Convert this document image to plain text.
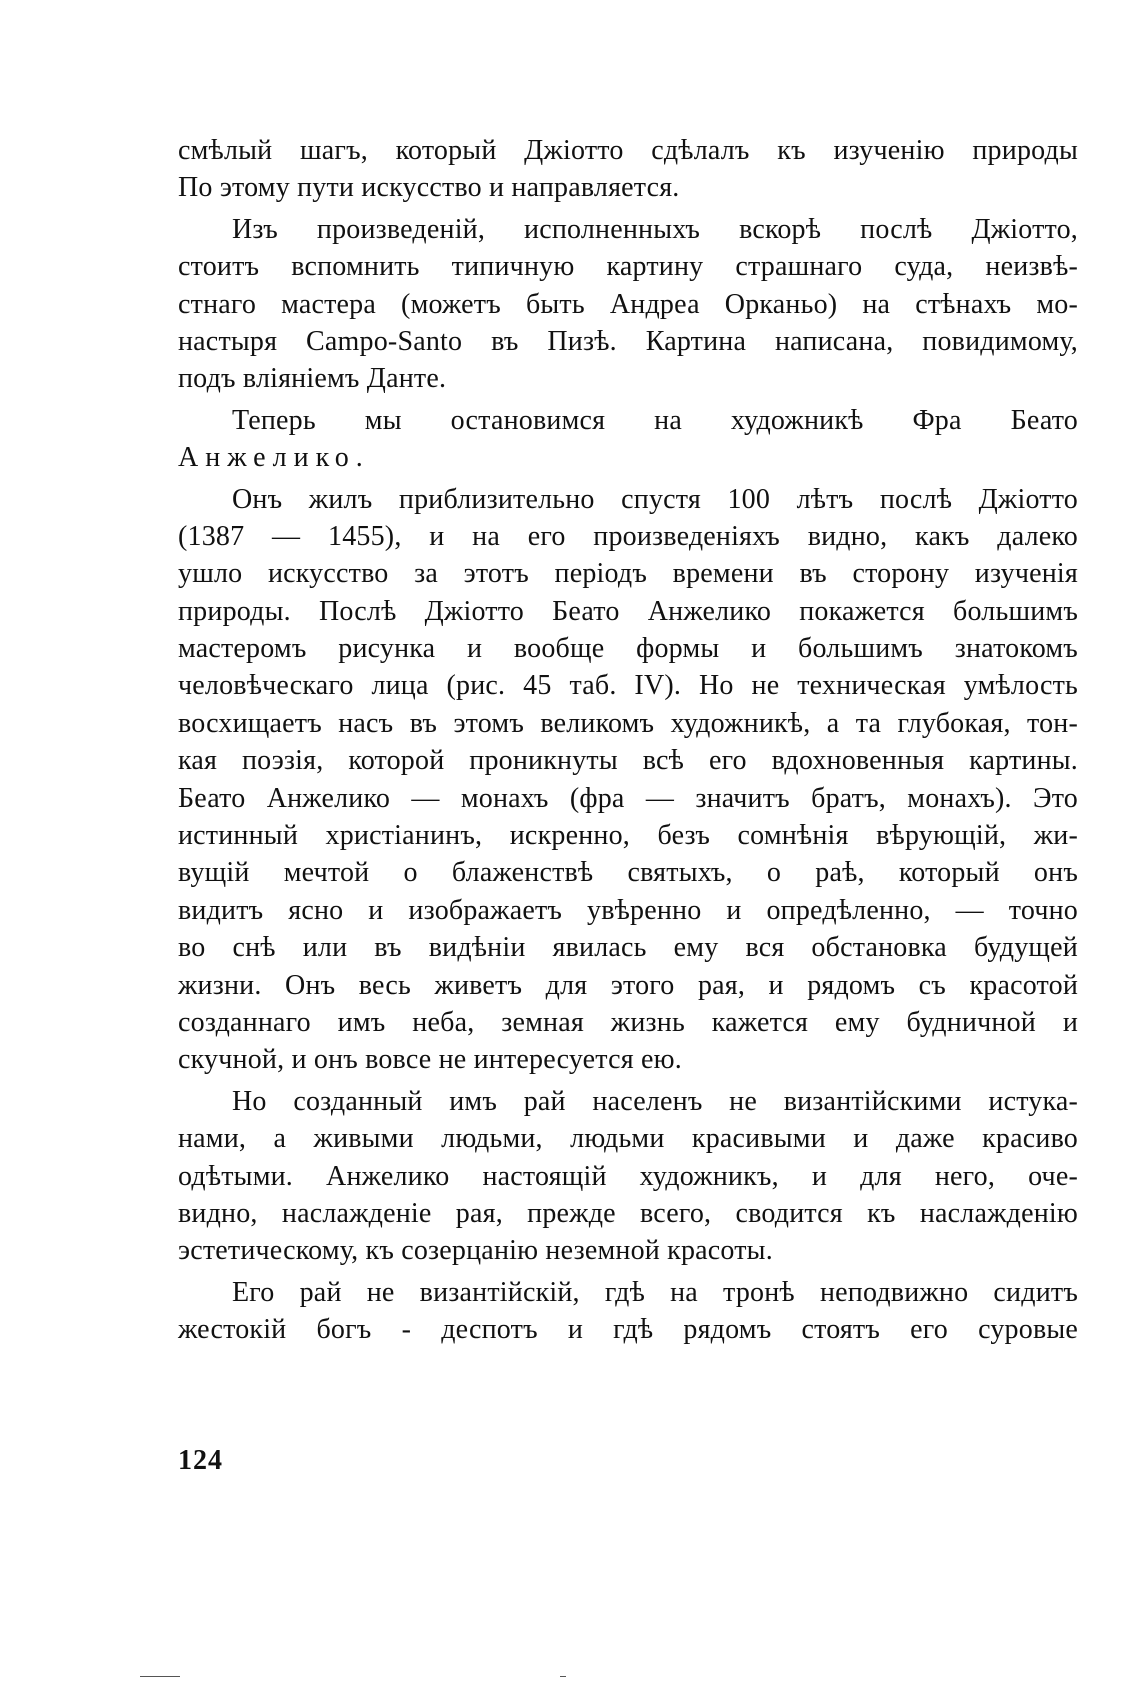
смѣлый шагъ, который Джіотто сдѣлалъ къ изученію природы
По этому пути искусство и направляется.
Изъ произведеній, исполненныхъ вскорѣ послѣ Джіотто,
стоитъ вспомнить типичную картину страшнаго суда, неизвѣ-
стнаго мастера (можетъ быть Андреа Орканьо) на стѣнахъ мо-
настыря Campo-Santo въ Пизѣ. Картина написана, повидимому,
подъ вліяніемъ Данте.
Теперь мы остановимся на художникѣ Фра Беато
Анжелико.
Онъ жилъ приблизительно спустя 100 лѣтъ послѣ Джіотто
(1387 — 1455), и на его произведеніяхъ видно, какъ далеко
ушло искусство за этотъ періодъ времени въ сторону изученія
природы. Послѣ Джіотто Беато Анжелико покажется большимъ
мастеромъ рисунка и вообще формы и большимъ знатокомъ
человѣческаго лица (рис. 45 таб. IV). Но не техническая умѣлость
восхищаетъ насъ въ этомъ великомъ художникѣ, а та глубокая, тон-
кая поэзія, которой проникнуты всѣ его вдохновенныя картины.
Беато Анжелико — монахъ (фра — значитъ братъ, монахъ). Это
истинный христіанинъ, искренно, безъ сомнѣнія вѣрующій, жи-
вущій мечтой о блаженствѣ святыхъ, о раѣ, который онъ
видитъ ясно и изображаетъ увѣренно и опредѣленно, — точно
во снѣ или въ видѣніи явилась ему вся обстановка будущей
жизни. Онъ весь живетъ для этого рая, и рядомъ съ красотой
созданнаго имъ неба, земная жизнь кажется ему будничной и
скучной, и онъ вовсе не интересуется ею.
Но созданный имъ рай населенъ не византійскими истука-
нами, а живыми людьми, людьми красивыми и даже красиво
одѣтыми. Анжелико настоящій художникъ, и для него, оче-
видно, наслажденіе рая, прежде всего, сводится къ наслажденію
эстетическому, къ созерцанію неземной красоты.
Его рай не византійскій, гдѣ на тронѣ неподвижно сидитъ
жестокій богъ - деспотъ и гдѣ рядомъ стоятъ его суровые
124
